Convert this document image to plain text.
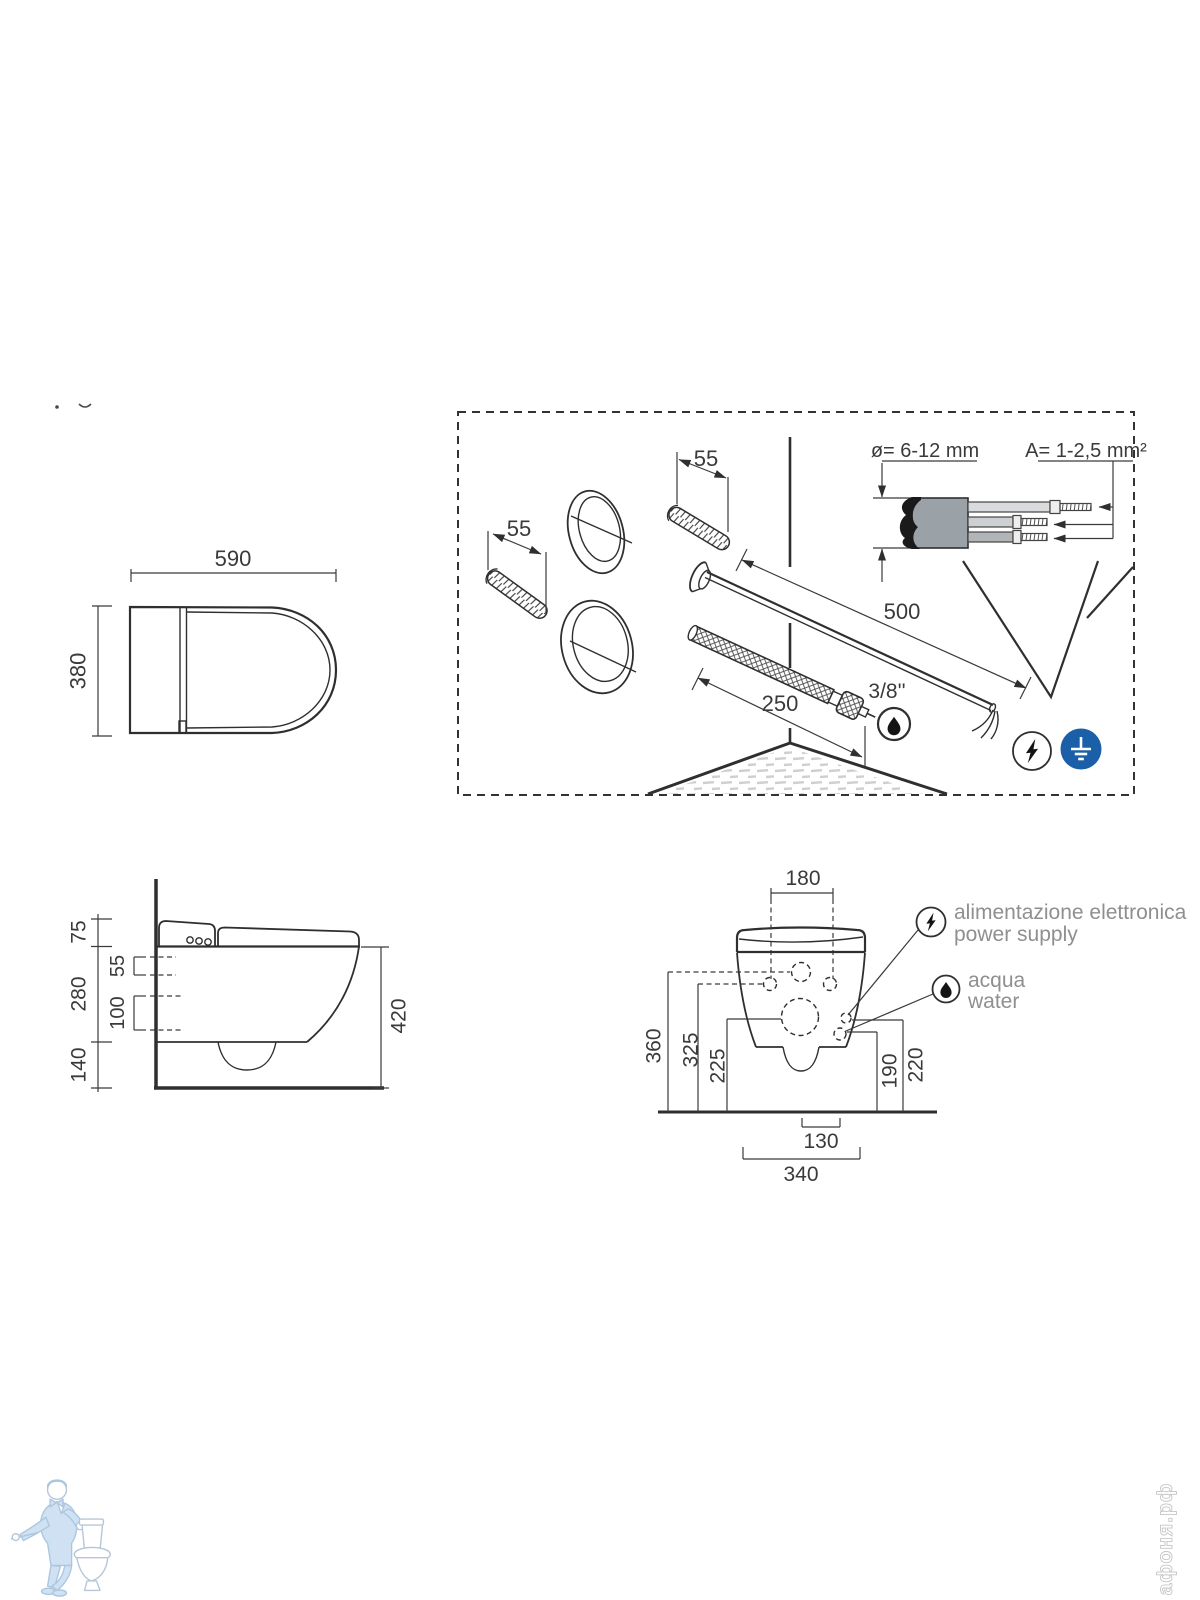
590
380
55
55
500
250	3/8''
ø= 6-12 mm A= 1-2,5 mm²
75
280
140
55
100	420
180
360 325 225	190 220
130
340
alimentazione elettronica
power supply
acqua
water
афоня.рф
